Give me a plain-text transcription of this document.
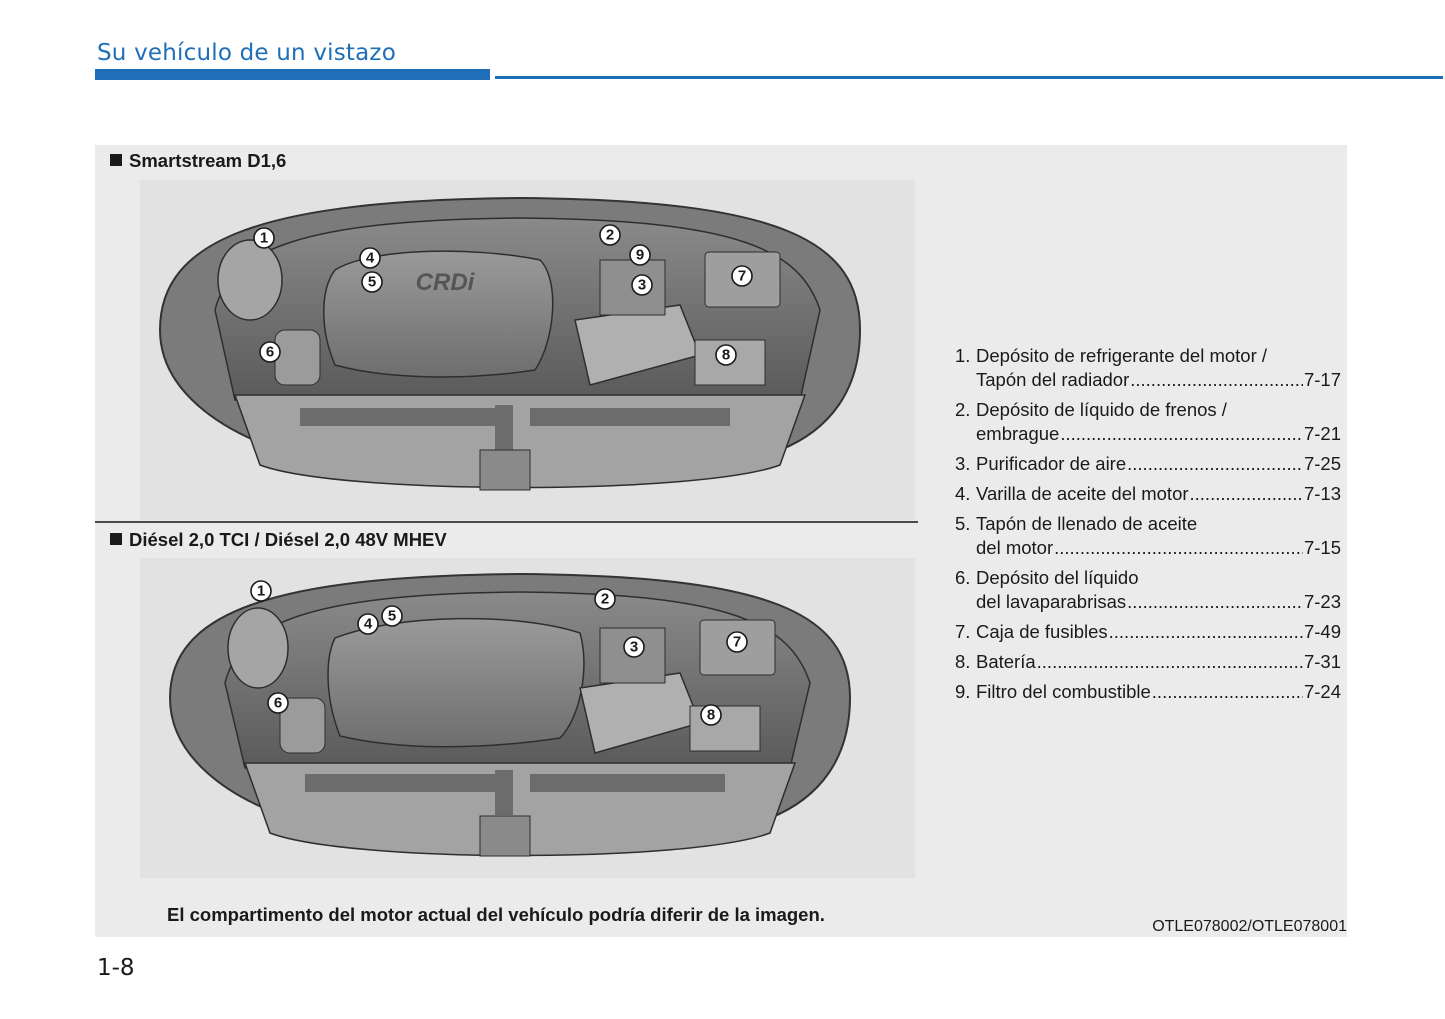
Su vehículo de un vistazo
Smartstream D1,6
CRDi
1	2
3
4
5
6
7
8
9
Diésel 2,0 TCI / Diésel 2,0 48V MHEV
1	2
3
4 5
6
7
8
1. Depósito de refrigerante del motor /
Tapón del radiador .....	7-17
2. Depósito de líquido de frenos /
embrague .....	7-21
3. Purificador de aire .....	7-25
4. Varilla de aceite del motor .....	7-13
5. Tapón de llenado de aceite
del motor .....	7-15
6. Depósito del líquido
del lavaparabrisas .....	7-23
7. Caja de fusibles .....	7-49
8. Batería .....	7-31
9. Filtro del combustible .....	7-24
El compartimento del motor actual del vehículo podría diferir de la imagen.
OTLE078002/OTLE078001
1-8
